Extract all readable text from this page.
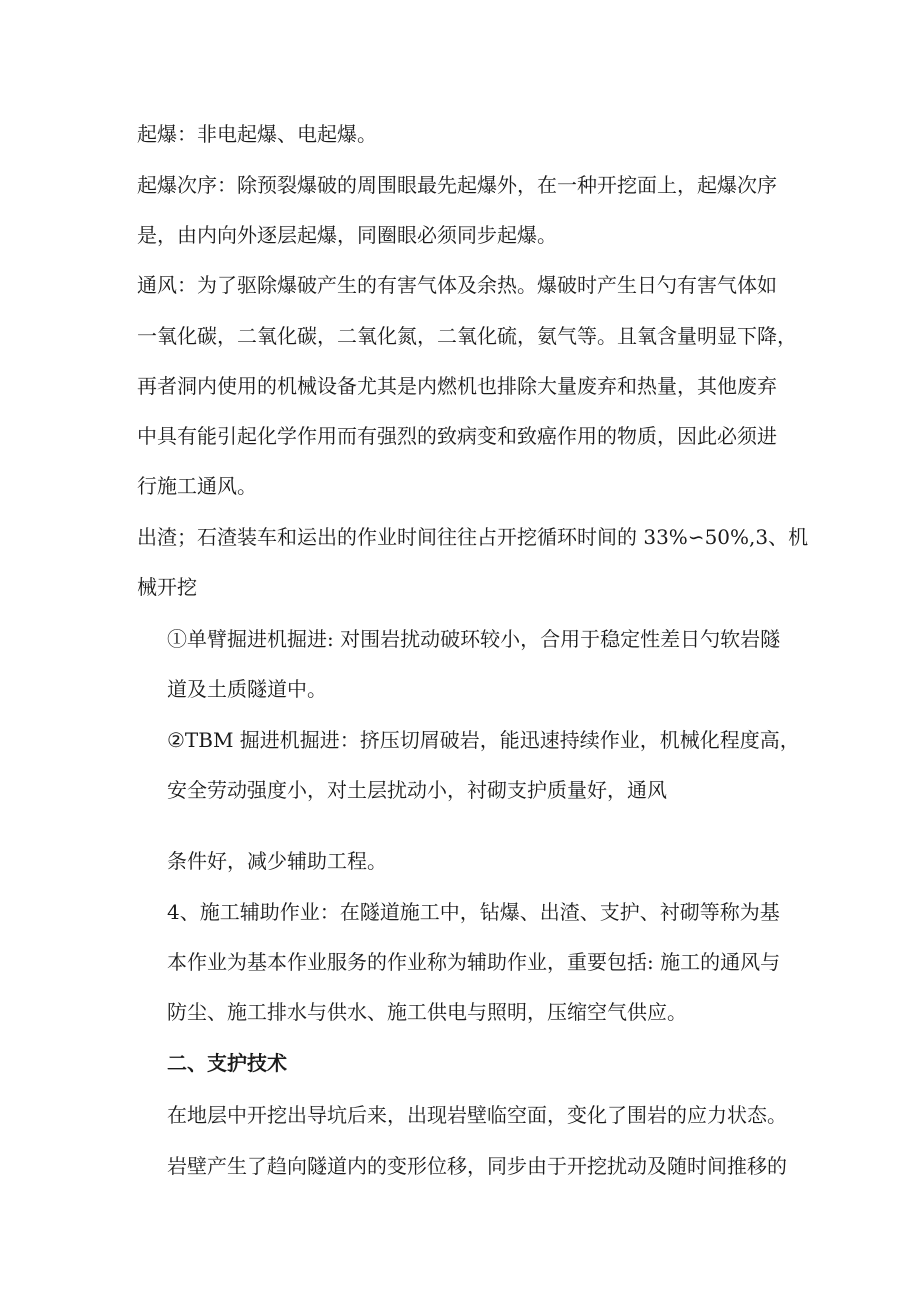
起爆：非电起爆、电起爆。

起爆次序：除预裂爆破的周围眼最先起爆外，在一种开挖面上，起爆次序

是，由内向外逐层起爆，同圈眼必须同步起爆。

通风：为了驱除爆破产生的有害气体及余热。爆破时产生日勺有害气体如

一氧化碳，二氧化碳，二氧化氮，二氧化硫，氨气等。且氧含量明显下降，

再者洞内使用的机械设备尤其是内燃机也排除大量废弃和热量，其他废弃

中具有能引起化学作用而有强烈的致病变和致癌作用的物质，因此必须进

行施工通风。

出渣；石渣装车和运出的作业时间往往占开挖循环时间的 33%∽50%,3、机

械开挖

①单臂掘进机掘进: 对围岩扰动破环较小，合用于稳定性差日勺软岩隧

道及土质隧道中。

②TBM 掘进机掘进：挤压切屑破岩，能迅速持续作业，机械化程度高，

安全劳动强度小，对土层扰动小，衬砌支护质量好，通风

条件好，减少辅助工程。

4、施工辅助作业：在隧道施工中，钻爆、出渣、支护、衬砌等称为基

本作业为基本作业服务的作业称为辅助作业，重要包括: 施工的通风与

防尘、施工排水与供水、施工供电与照明，压缩空气供应。

二、支护技术

在地层中开挖出导坑后来，出现岩壁临空面，变化了围岩的应力状态。

岩壁产生了趋向隧道内的变形位移，同步由于开挖扰动及随时间推移的
